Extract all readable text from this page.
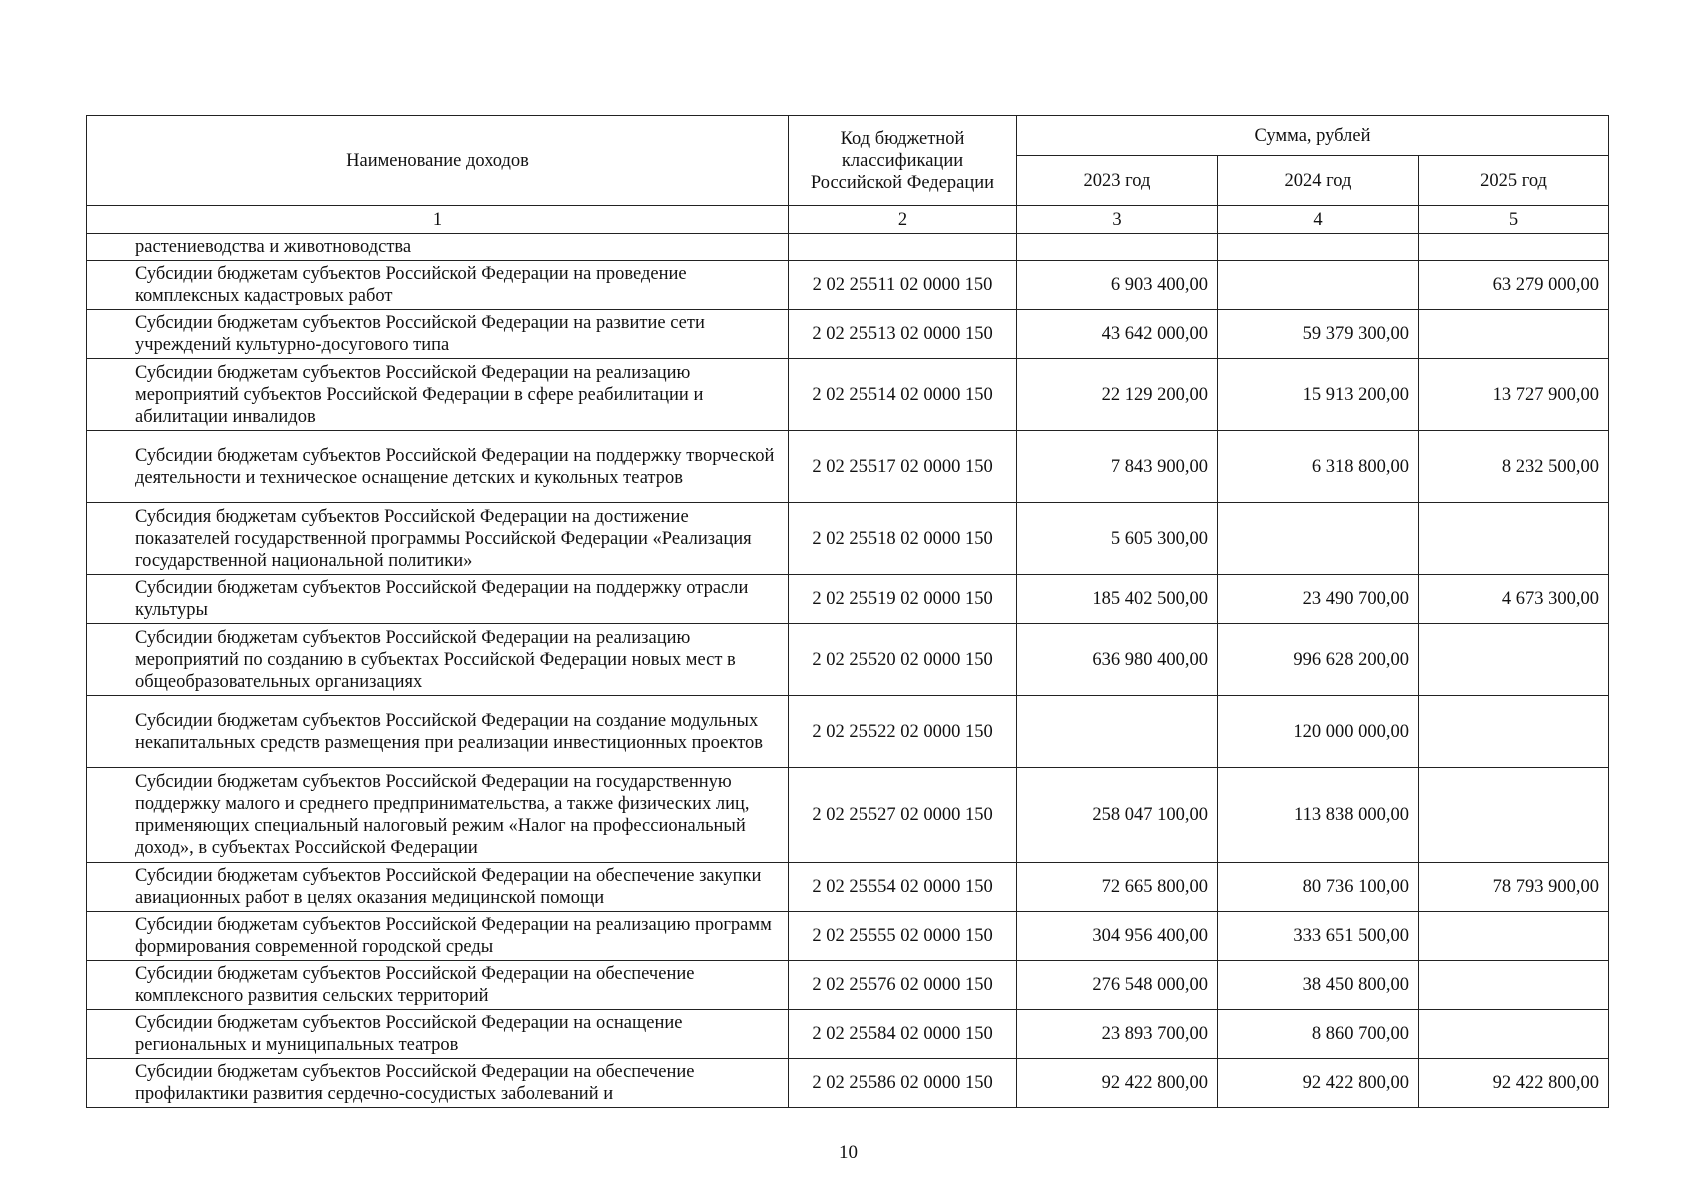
Наименование доходов	Код бюджетной классификации Российской Федерации	Сумма, рублей		
		2023 год	2024 год	2025 год
1	2	3	4	5
растениеводства и животноводства				
Субсидии бюджетам субъектов Российской Федерации на проведение комплексных кадастровых работ	2 02 25511 02 0000 150	6 903 400,00		63 279 000,00
Субсидии бюджетам субъектов Российской Федерации на развитие сети учреждений культурно-досугового типа	2 02 25513 02 0000 150	43 642 000,00	59 379 300,00	
Субсидии бюджетам субъектов Российской Федерации на реализацию мероприятий субъектов Российской Федерации в сфере реабилитации и абилитации инвалидов	2 02 25514 02 0000 150	22 129 200,00	15 913 200,00	13 727 900,00
Субсидии бюджетам субъектов Российской Федерации на поддержку творческой деятельности и техническое оснащение детских и кукольных театров	2 02 25517 02 0000 150	7 843 900,00	6 318 800,00	8 232 500,00
Субсидия бюджетам субъектов Российской Федерации на достижение показателей государственной программы Российской Федерации «Реализация государственной национальной политики»	2 02 25518 02 0000 150	5 605 300,00		
Субсидии бюджетам субъектов Российской Федерации на поддержку отрасли культуры	2 02 25519 02 0000 150	185 402 500,00	23 490 700,00	4 673 300,00
Субсидии бюджетам субъектов Российской Федерации на реализацию мероприятий по созданию в субъектах Российской Федерации новых мест в общеобразовательных организациях	2 02 25520 02 0000 150	636 980 400,00	996 628 200,00	
Субсидии бюджетам субъектов Российской Федерации на создание модульных некапитальных средств размещения при реализации инвестиционных проектов	2 02 25522 02 0000 150		120 000 000,00	
Субсидии бюджетам субъектов Российской Федерации на государственную поддержку малого и среднего предпринимательства, а также физических лиц, применяющих специальный налоговый режим «Налог на профессиональный доход», в субъектах Российской Федерации	2 02 25527 02 0000 150	258 047 100,00	113 838 000,00	
Субсидии бюджетам субъектов Российской Федерации на обеспечение закупки авиационных работ в целях оказания медицинской помощи	2 02 25554 02 0000 150	72 665 800,00	80 736 100,00	78 793 900,00
Субсидии бюджетам субъектов Российской Федерации на реализацию программ формирования современной городской среды	2 02 25555 02 0000 150	304 956 400,00	333 651 500,00	
Субсидии бюджетам субъектов Российской Федерации на обеспечение комплексного развития сельских территорий	2 02 25576 02 0000 150	276 548 000,00	38 450 800,00	
Субсидии бюджетам субъектов Российской Федерации на оснащение региональных и муниципальных театров	2 02 25584 02 0000 150	23 893 700,00	8 860 700,00	
Субсидии бюджетам субъектов Российской Федерации на обеспечение профилактики развития сердечно-сосудистых заболеваний и	2 02 25586 02 0000 150	92 422 800,00	92 422 800,00	92 422 800,00
10
